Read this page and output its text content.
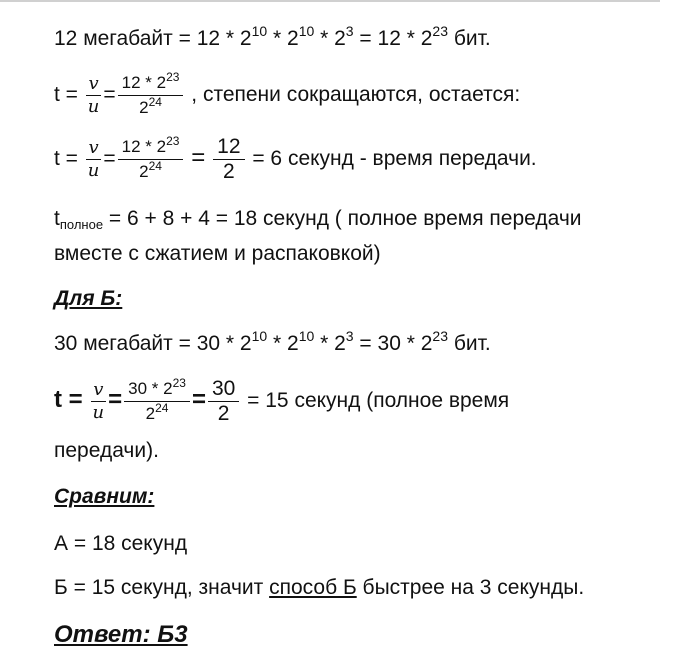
12 мегабайт = $12 * 2^{10} * 2^{10} * 2^3 = 12 * 2^{23}$ бит.
$t = \frac{v}{u} = \frac{12 * 2^{23}}{2^{24}}$ , степени сокращаются, остается:
$t = \frac{v}{u} = \frac{12 * 2^{23}}{2^{24}} = \frac{12}{2} = 6$ секунд - время передачи.
$t_{полное} = 6 + 8 + 4 = 18$ секунд ( полное время передачи
вместе с сжатием и распаковкой)
Для Б:
30 мегабайт = $30 * 2^{10} * 2^{10} * 2^3 = 30 * 2^{23}$ бит.
$t = \frac{v}{u} = \frac{30 * 2^{23}}{2^{24}} = \frac{30}{2} = 15$ секунд (полное время
передачи).
Сравним:
А = 18 секунд
Б = 15 секунд, значит способ Б быстрее на 3 секунды.
Ответ: Б3
